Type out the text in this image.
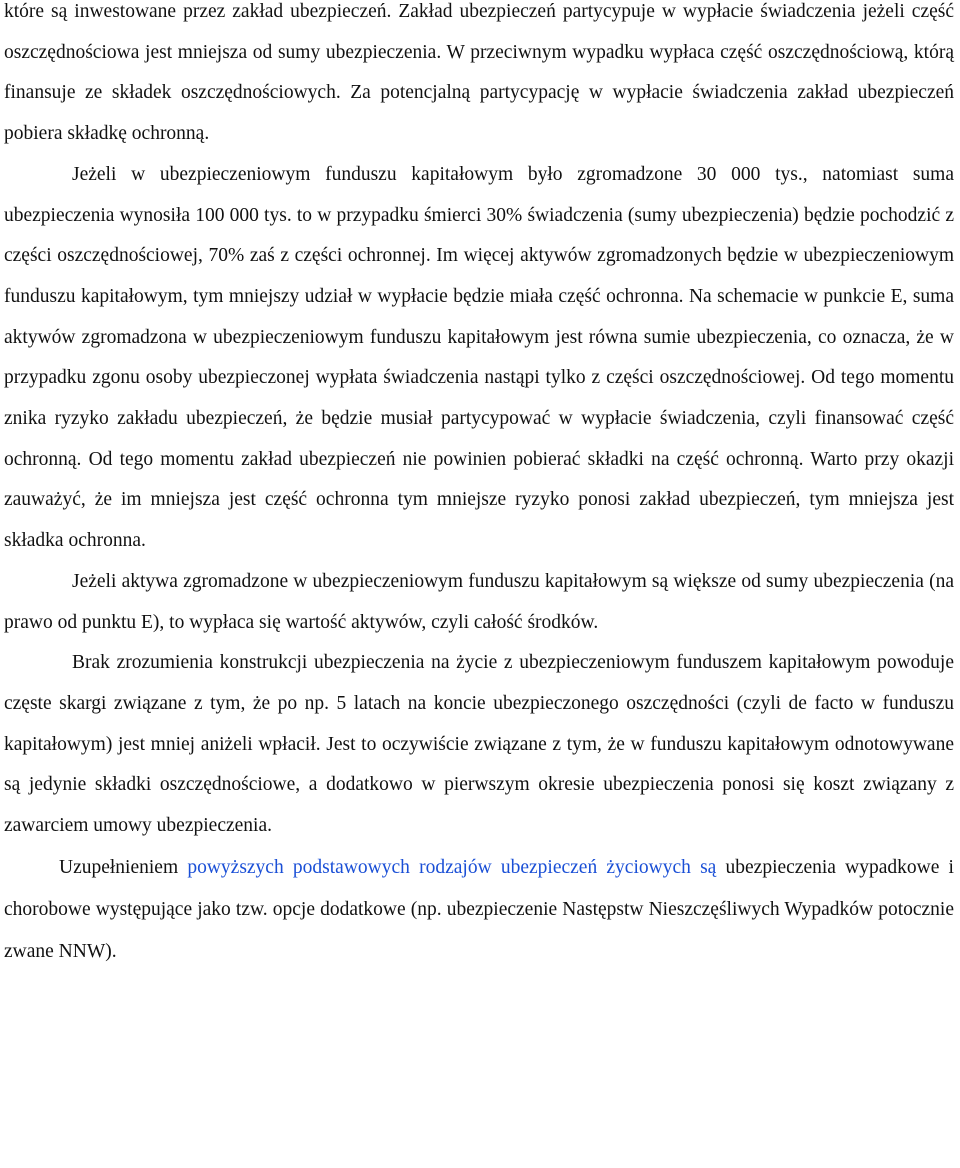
które są inwestowane przez zakład ubezpieczeń. Zakład ubezpieczeń partycypuje w wypłacie świadczenia jeżeli część oszczędnościowa jest mniejsza od sumy ubezpieczenia. W przeciwnym wypadku wypłaca część oszczędnościową, którą finansuje ze składek oszczędnościowych. Za potencjalną partycypację w wypłacie świadczenia zakład ubezpieczeń pobiera składkę ochronną.

Jeżeli w ubezpieczeniowym funduszu kapitałowym było zgromadzone 30 000 tys., natomiast suma ubezpieczenia wynosiła 100 000 tys. to w przypadku śmierci 30% świadczenia (sumy ubezpieczenia) będzie pochodzić z części oszczędnościowej, 70% zaś z części ochronnej. Im więcej aktywów zgromadzonych będzie w ubezpieczeniowym funduszu kapitałowym, tym mniejszy udział w wypłacie będzie miała część ochronna. Na schemacie w punkcie E, suma aktywów zgromadzona w ubezpieczeniowym funduszu kapitałowym jest równa sumie ubezpieczenia, co oznacza, że w przypadku zgonu osoby ubezpieczonej wypłata świadczenia nastąpi tylko z części oszczędnościowej. Od tego momentu znika ryzyko zakładu ubezpieczeń, że będzie musiał partycypować w wypłacie świadczenia, czyli finansować część ochronną. Od tego momentu zakład ubezpieczeń nie powinien pobierać składki na część ochronną. Warto przy okazji zauważyć, że im mniejsza jest część ochronna tym mniejsze ryzyko ponosi zakład ubezpieczeń, tym mniejsza jest składka ochronna.

Jeżeli aktywa zgromadzone w ubezpieczeniowym funduszu kapitałowym są większe od sumy ubezpieczenia (na prawo od punktu E), to wypłaca się wartość aktywów, czyli całość środków.

Brak zrozumienia konstrukcji ubezpieczenia na życie z ubezpieczeniowym funduszem kapitałowym powoduje częste skargi związane z tym, że po np. 5 latach na koncie ubezpieczonego oszczędności (czyli de facto w funduszu kapitałowym) jest mniej aniżeli wpłacił. Jest to oczywiście związane z tym, że w funduszu kapitałowym odnotowywane są jedynie składki oszczędnościowe, a dodatkowo w pierwszym okresie ubezpieczenia ponosi się koszt związany z zawarciem umowy ubezpieczenia.

Uzupełnieniem powyższych podstawowych rodzajów ubezpieczeń życiowych są ubezpieczenia wypadkowe i chorobowe występujące jako tzw. opcje dodatkowe (np. ubezpieczenie Następstw Nieszczęśliwych Wypadków potocznie zwane NNW).
